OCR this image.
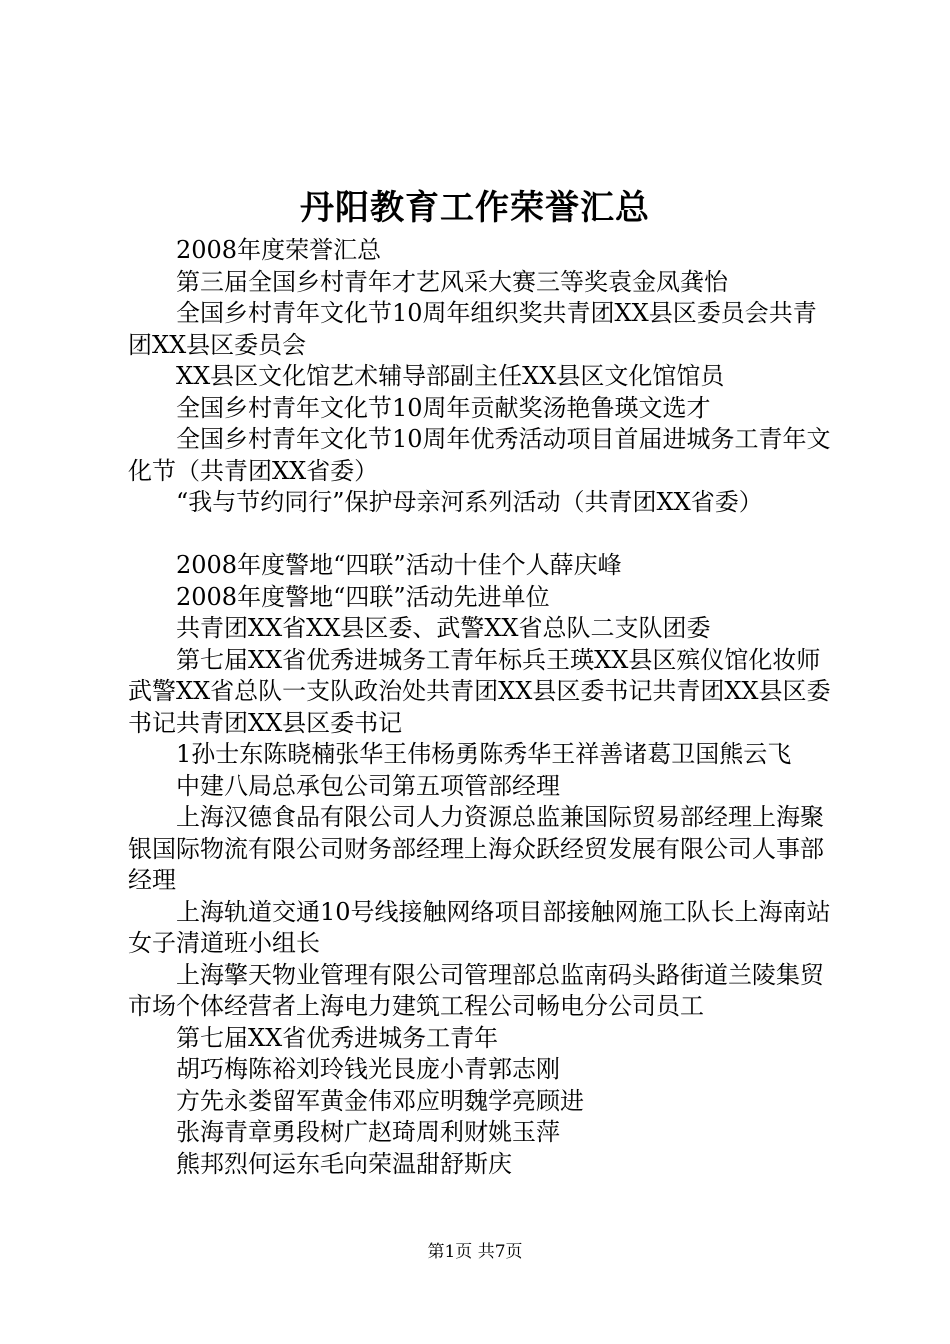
丹阳教育工作荣誉汇总

2008年度荣誉汇总

第三届全国乡村青年才艺风采大赛三等奖袁金凤龚怡

全国乡村青年文化节10周年组织奖共青团XX县区委员会共青团XX县区委员会

XX县区文化馆艺术辅导部副主任XX县区文化馆馆员

全国乡村青年文化节10周年贡献奖汤艳鲁瑛文选才

全国乡村青年文化节10周年优秀活动项目首届进城务工青年文化节（共青团XX省委）

“我与节约同行”保护母亲河系列活动（共青团XX省委）

2008年度警地“四联”活动十佳个人薛庆峰

2008年度警地“四联”活动先进单位

共青团XX省XX县区委、武警XX省总队二支队团委

第七届XX省优秀进城务工青年标兵王瑛XX县区殡仪馆化妆师武警XX省总队一支队政治处共青团XX县区委书记共青团XX县区委书记共青团XX县区委书记

1孙士东陈晓楠张华王伟杨勇陈秀华王祥善诸葛卫国熊云飞

中建八局总承包公司第五项管部经理

上海汉德食品有限公司人力资源总监兼国际贸易部经理上海聚银国际物流有限公司财务部经理上海众跃经贸发展有限公司人事部经理

上海轨道交通10号线接触网络项目部接触网施工队长上海南站女子清道班小组长

上海擎天物业管理有限公司管理部总监南码头路街道兰陵集贸市场个体经营者上海电力建筑工程公司畅电分公司员工

第七届XX省优秀进城务工青年

胡巧梅陈裕刘玲钱光艮庞小青郭志刚

方先永娄留军黄金伟邓应明魏学亮顾进

张海青章勇段树广赵琦周利财姚玉萍

熊邦烈何运东毛向荣温甜舒斯庆

第1页 共7页
